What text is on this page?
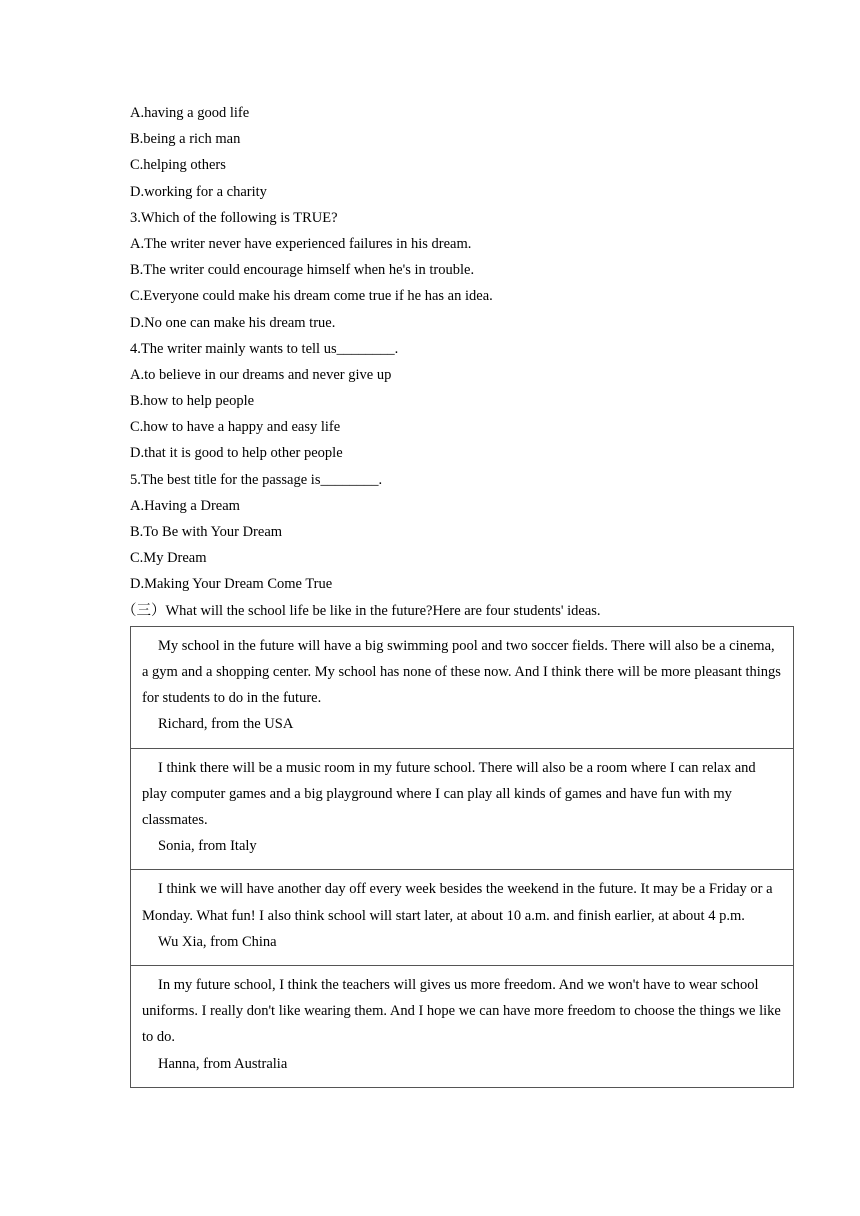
A.having a good life
B.being a rich man
C.helping others
D.working for a charity
3.Which of the following is TRUE?
A.The writer never have experienced failures in his dream.
B.The writer could encourage himself when he's in trouble.
C.Everyone could make his dream come true if he has an idea.
D.No one can make his dream true.
4.The writer mainly wants to tell us________.
A.to believe in our dreams and never give up
B.how to help people
C.how to have a happy and easy life
D.that it is good to help other people
5.The best title for the passage is________.
A.Having a Dream
B.To Be with Your Dream
C.My Dream
D.Making Your Dream Come True
（三）What will the school life be like in the future?Here are four students' ideas.

My school in the future will have a big swimming pool and two soccer fields. There will also be a cinema, a gym and a shopping center. My school has none of these now. And I think there will be more pleasant things for students to do in the future.

Richard, from the USA

I think there will be a music room in my future school. There will also be a room where I can relax and play computer games and a big playground where I can play all kinds of games and have fun with my classmates.

Sonia, from Italy

I think we will have another day off every week besides the weekend in the future. It may be a Friday or a Monday. What fun! I also think school will start later, at about 10 a.m. and finish earlier, at about 4 p.m.

Wu Xia, from China

In my future school, I think the teachers will gives us more freedom. And we won't have to wear school uniforms. I really don't like wearing them. And I hope we can have more freedom to choose the things we like to do.

Hanna, from Australia
